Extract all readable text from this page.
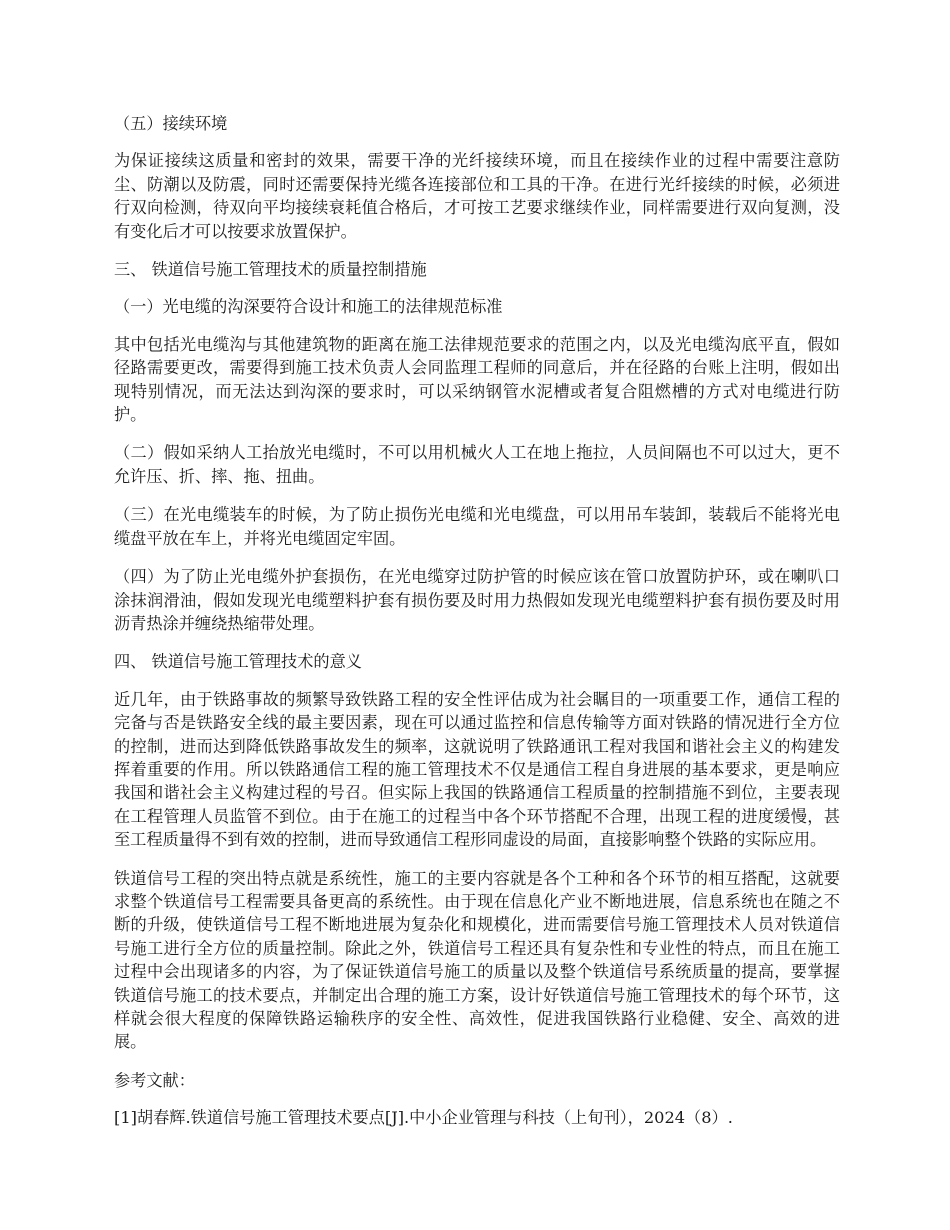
（五）接续环境

为保证接续这质量和密封的效果，需要干净的光纤接续环境，而且在接续作业的过程中需要注意防尘、防潮以及防震，同时还需要保持光缆各连接部位和工具的干净。在进行光纤接续的时候，必须进行双向检测，待双向平均接续衰耗值合格后，才可按工艺要求继续作业，同样需要进行双向复测，没有变化后才可以按要求放置保护。

三、 铁道信号施工管理技术的质量控制措施

（一）光电缆的沟深要符合设计和施工的法律规范标准

其中包括光电缆沟与其他建筑物的距离在施工法律规范要求的范围之内，以及光电缆沟底平直，假如径路需要更改，需要得到施工技术负责人会同监理工程师的同意后，并在径路的台账上注明，假如出现特别情况，而无法达到沟深的要求时，可以采纳钢管水泥槽或者复合阻燃槽的方式对电缆进行防护。

（二）假如采纳人工抬放光电缆时，不可以用机械火人工在地上拖拉，人员间隔也不可以过大，更不允许压、折、摔、拖、扭曲。

（三）在光电缆装车的时候，为了防止损伤光电缆和光电缆盘，可以用吊车装卸，装载后不能将光电缆盘平放在车上，并将光电缆固定牢固。

（四）为了防止光电缆外护套损伤，在光电缆穿过防护管的时候应该在管口放置防护环，或在喇叭口涂抹润滑油，假如发现光电缆塑料护套有损伤要及时用力热假如发现光电缆塑料护套有损伤要及时用沥青热涂并缠绕热缩带处理。

四、 铁道信号施工管理技术的意义

近几年，由于铁路事故的频繁导致铁路工程的安全性评估成为社会瞩目的一项重要工作，通信工程的完备与否是铁路安全线的最主要因素，现在可以通过监控和信息传输等方面对铁路的情况进行全方位的控制，进而达到降低铁路事故发生的频率，这就说明了铁路通讯工程对我国和谐社会主义的构建发挥着重要的作用。所以铁路通信工程的施工管理技术不仅是通信工程自身进展的基本要求，更是响应我国和谐社会主义构建过程的号召。但实际上我国的铁路通信工程质量的控制措施不到位，主要表现在工程管理人员监管不到位。由于在施工的过程当中各个环节搭配不合理，出现工程的进度缓慢，甚至工程质量得不到有效的控制，进而导致通信工程形同虚设的局面，直接影响整个铁路的实际应用。

铁道信号工程的突出特点就是系统性，施工的主要内容就是各个工种和各个环节的相互搭配，这就要求整个铁道信号工程需要具备更高的系统性。由于现在信息化产业不断地进展，信息系统也在随之不断的升级，使铁道信号工程不断地进展为复杂化和规模化，进而需要信号施工管理技术人员对铁道信号施工进行全方位的质量控制。除此之外，铁道信号工程还具有复杂性和专业性的特点，而且在施工过程中会出现诸多的内容，为了保证铁道信号施工的质量以及整个铁道信号系统质量的提高，要掌握铁道信号施工的技术要点，并制定出合理的施工方案，设计好铁道信号施工管理技术的每个环节，这样就会很大程度的保障铁路运输秩序的安全性、高效性，促进我国铁路行业稳健、安全、高效的进展。

参考文献：

[1]胡春辉.铁道信号施工管理技术要点[J].中小企业管理与科技（上旬刊），2024（8）.
